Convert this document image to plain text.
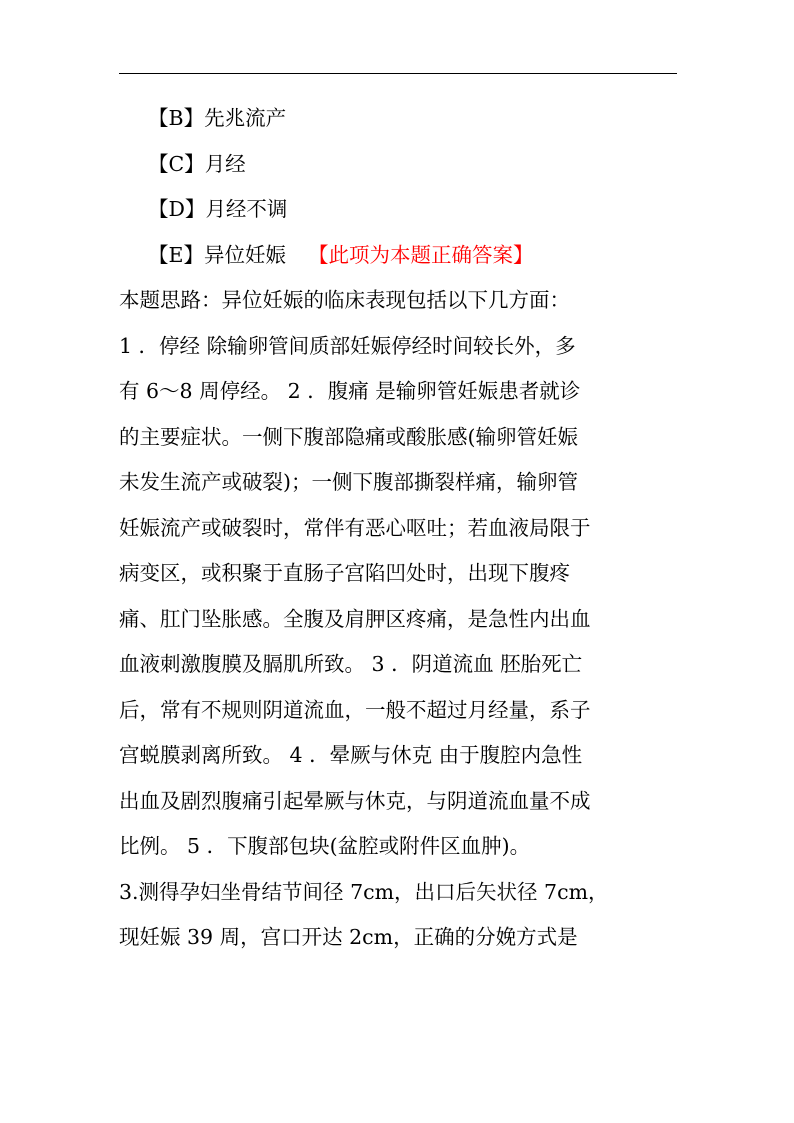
【B】先兆流产
【C】月经
【D】月经不调
【E】异位妊娠 【此项为本题正确答案】
本题思路：异位妊娠的临床表现包括以下几方面：
1 ．停经 除输卵管间质部妊娠停经时间较长外，多
有 6～8 周停经。 2 ．腹痛 是输卵管妊娠患者就诊
的主要症状。一侧下腹部隐痛或酸胀感(输卵管妊娠
未发生流产或破裂)；一侧下腹部撕裂样痛，输卵管
妊娠流产或破裂时，常伴有恶心呕吐；若血液局限于
病变区，或积聚于直肠子宫陷凹处时，出现下腹疼
痛、肛门坠胀感。全腹及肩胛区疼痛，是急性内出血
血液刺激腹膜及膈肌所致。 3 ．阴道流血 胚胎死亡
后，常有不规则阴道流血，一般不超过月经量，系子
宫蜕膜剥离所致。 4 ．晕厥与休克 由于腹腔内急性
出血及剧烈腹痛引起晕厥与休克，与阴道流血量不成
比例。 5 ．下腹部包块(盆腔或附件区血肿)。
3.测得孕妇坐骨结节间径 7cm，出口后矢状径 7cm，
现妊娠 39 周，宫口开达 2cm，正确的分娩方式是
